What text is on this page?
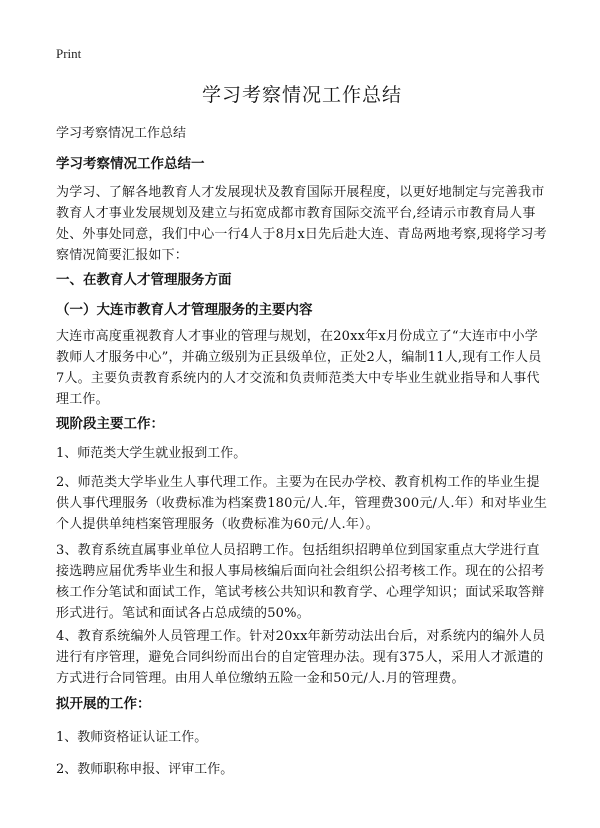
Print
学习考察情况工作总结
学习考察情况工作总结
学习考察情况工作总结一
为学习、了解各地教育人才发展现状及教育国际开展程度，以更好地制定与完善我市教育人才事业发展规划及建立与拓宽成都市教育国际交流平台,经请示市教育局人事处、外事处同意，我们中心一行4人于8月x日先后赴大连、青岛两地考察,现将学习考察情况简要汇报如下：
一、在教育人才管理服务方面
（一）大连市教育人才管理服务的主要内容
大连市高度重视教育人才事业的管理与规划，在20xx年x月份成立了“大连市中小学教师人才服务中心”，并确立级别为正县级单位，正处2人，编制11人,现有工作人员7人。主要负责教育系统内的人才交流和负责师范类大中专毕业生就业指导和人事代理工作。
现阶段主要工作：
1、师范类大学生就业报到工作。
2、师范类大学毕业生人事代理工作。主要为在民办学校、教育机构工作的毕业生提供人事代理服务（收费标准为档案费180元/人.年，管理费300元/人.年）和对毕业生个人提供单纯档案管理服务（收费标准为60元/人.年）。
3、教育系统直属事业单位人员招聘工作。包括组织招聘单位到国家重点大学进行直接选聘应届优秀毕业生和报人事局核编后面向社会组织公招考核工作。现在的公招考核工作分笔试和面试工作，笔试考核公共知识和教育学、心理学知识；面试采取答辩形式进行。笔试和面试各占总成绩的50%。
4、教育系统编外人员管理工作。针对20xx年新劳动法出台后，对系统内的编外人员进行有序管理，避免合同纠纷而出台的自定管理办法。现有375人，采用人才派遣的方式进行合同管理。由用人单位缴纳五险一金和50元/人.月的管理费。
拟开展的工作：
1、教师资格证认证工作。
2、教师职称申报、评审工作。
